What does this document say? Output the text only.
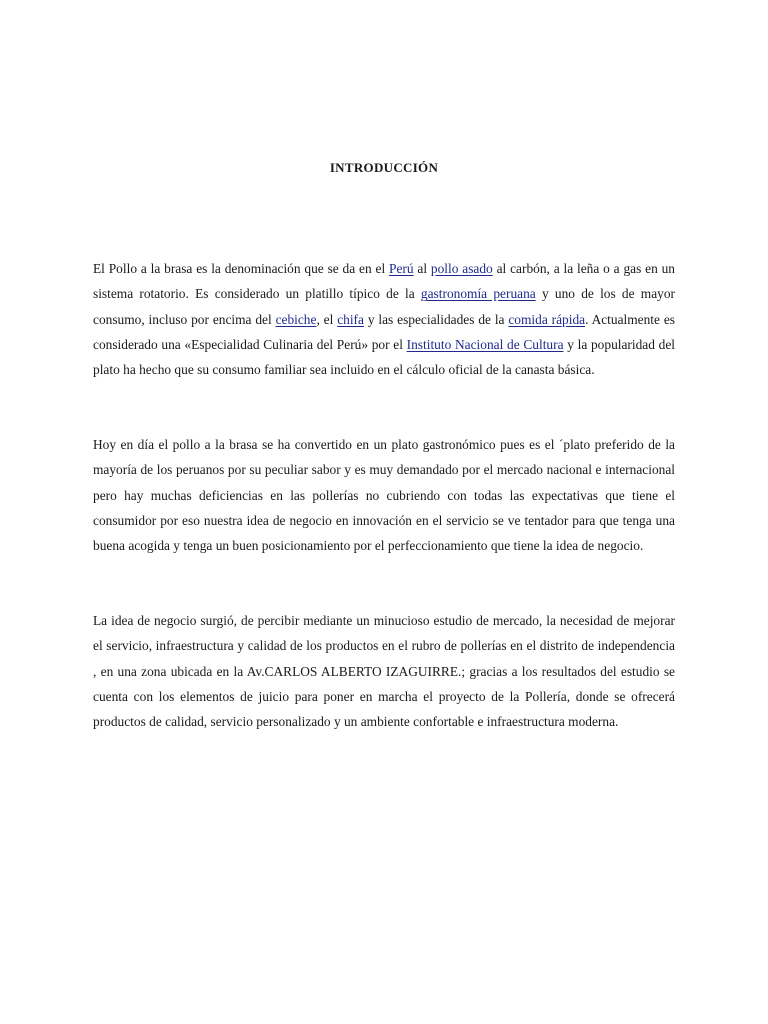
INTRODUCCIÓN

El Pollo a la brasa es la denominación que se da en el Perú al pollo asado al carbón, a la leña o a gas en un sistema rotatorio. Es considerado un platillo típico de la gastronomía peruana y uno de los de mayor consumo, incluso por encima del cebiche, el chifa y las especialidades de la comida rápida. Actualmente es considerado una «Especialidad Culinaria del Perú» por el Instituto Nacional de Cultura y la popularidad del plato ha hecho que su consumo familiar sea incluido en el cálculo oficial de la canasta básica.

Hoy en día el pollo a la brasa se ha convertido en un plato gastronómico pues es el ´plato preferido de la mayoría de los peruanos por su peculiar sabor y es muy demandado por el mercado nacional e internacional pero hay muchas deficiencias en las pollerías no cubriendo con todas las expectativas que tiene el consumidor por eso nuestra idea de negocio en innovación en el servicio se ve tentador para que tenga una buena acogida y tenga un buen posicionamiento por el perfeccionamiento que tiene la idea de negocio.

La idea de negocio surgió, de percibir mediante un minucioso estudio de mercado, la necesidad de mejorar el servicio, infraestructura y calidad de los productos en el rubro de pollerías en el distrito de independencia , en una zona ubicada en la Av.CARLOS ALBERTO IZAGUIRRE.; gracias a los resultados del estudio se cuenta con los elementos de juicio para poner en marcha el proyecto de la Pollería, donde se ofrecerá productos de calidad, servicio personalizado y un ambiente confortable e infraestructura moderna.
